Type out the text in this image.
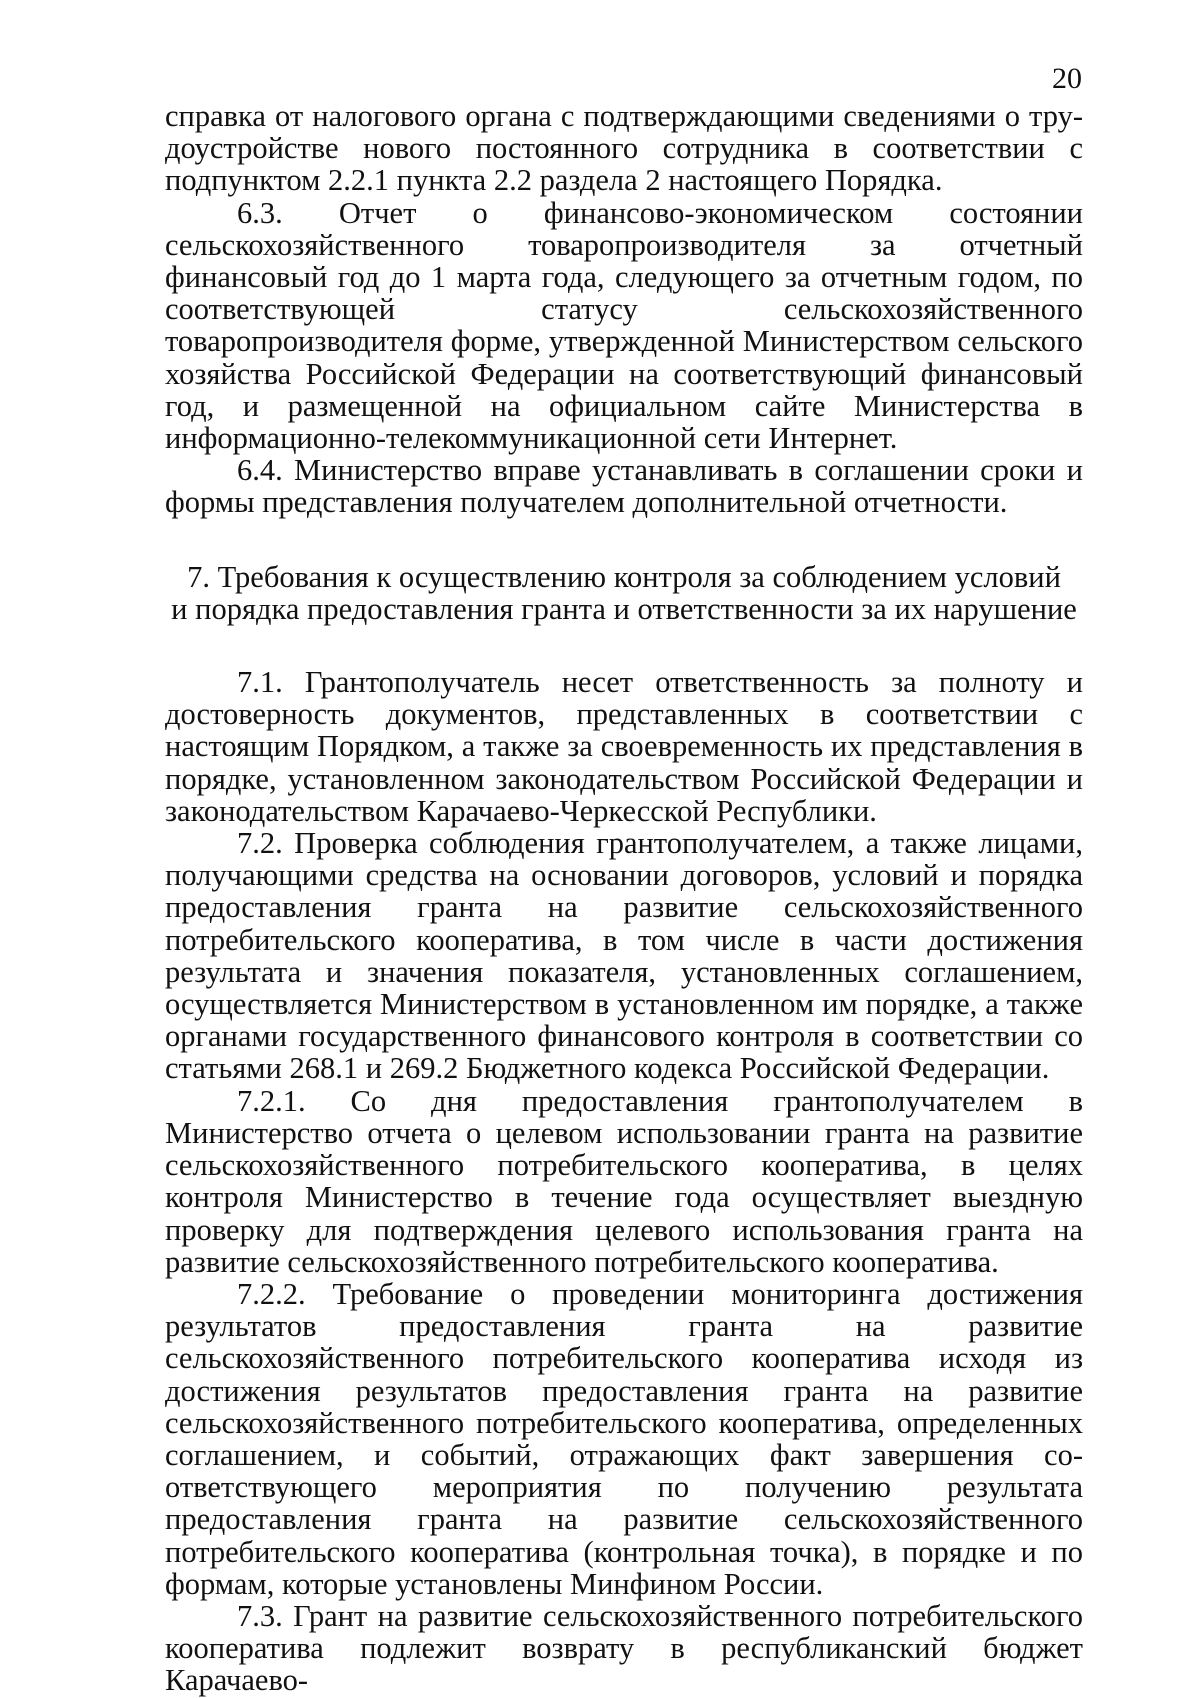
20

справка от налогового органа с подтверждающими сведениями о трудоустройстве нового постоянного сотрудника в соответствии с подпунктом 2.2.1 пункта 2.2 раздела 2 настоящего Порядка.

6.3. Отчет о финансово-экономическом состоянии сельскохозяйственного товаропроизводителя за отчетный финансовый год до 1 марта года, следующего за отчетным годом, по соответствующей статусу сельскохозяйственного товаропроизводителя форме, утвержденной Министерством сельского хозяйства Российской Федерации на соответствующий финансовый год, и размещенной на официальном сайте Министерства в информационно-телекоммуникационной сети Интернет.

6.4. Министерство вправе устанавливать в соглашении сроки и формы представления получателем дополнительной отчетности.

7. Требования к осуществлению контроля за соблюдением условий
и порядка предоставления гранта и ответственности за их нарушение

7.1. Грантополучатель несет ответственность за полноту и достоверность документов, представленных в соответствии с настоящим Порядком, а также за своевременность их представления в порядке, установленном законодательством Российской Федерации и законодательством Карачаево-Черкесской Республики.

7.2. Проверка соблюдения грантополучателем, а также лицами, получающими средства на основании договоров, условий и порядка предоставления гранта на развитие сельскохозяйственного потребительского кооператива, в том числе в части достижения результата и значения показателя, установленных соглашением, осуществляется Министерством в установленном им порядке, а также органами государственного финансового контроля в соответствии со статьями 268.1 и 269.2 Бюджетного кодекса Российской Федерации.

7.2.1. Со дня предоставления грантополучателем в Министерство отчета о целевом использовании гранта на развитие сельскохозяйственного потребительского кооператива, в целях контроля Министерство в течение года осуществляет выездную проверку для подтверждения целевого использования гранта на развитие сельскохозяйственного потребительского кооператива.

7.2.2. Требование о проведении мониторинга достижения результатов предоставления гранта на развитие сельскохозяйственного потребительского кооператива исходя из достижения результатов предоставления гранта на развитие сельскохозяйственного потребительского кооператива, определенных соглашением, и событий, отражающих факт завершения соответствующего мероприятия по получению результата предоставления гранта на развитие сельскохозяйственного потребительского кооператива (контрольная точка), в порядке и по формам, которые установлены Минфином России.

7.3. Грант на развитие сельскохозяйственного потребительского кооператива подлежит возврату в республиканский бюджет Карачаево-
